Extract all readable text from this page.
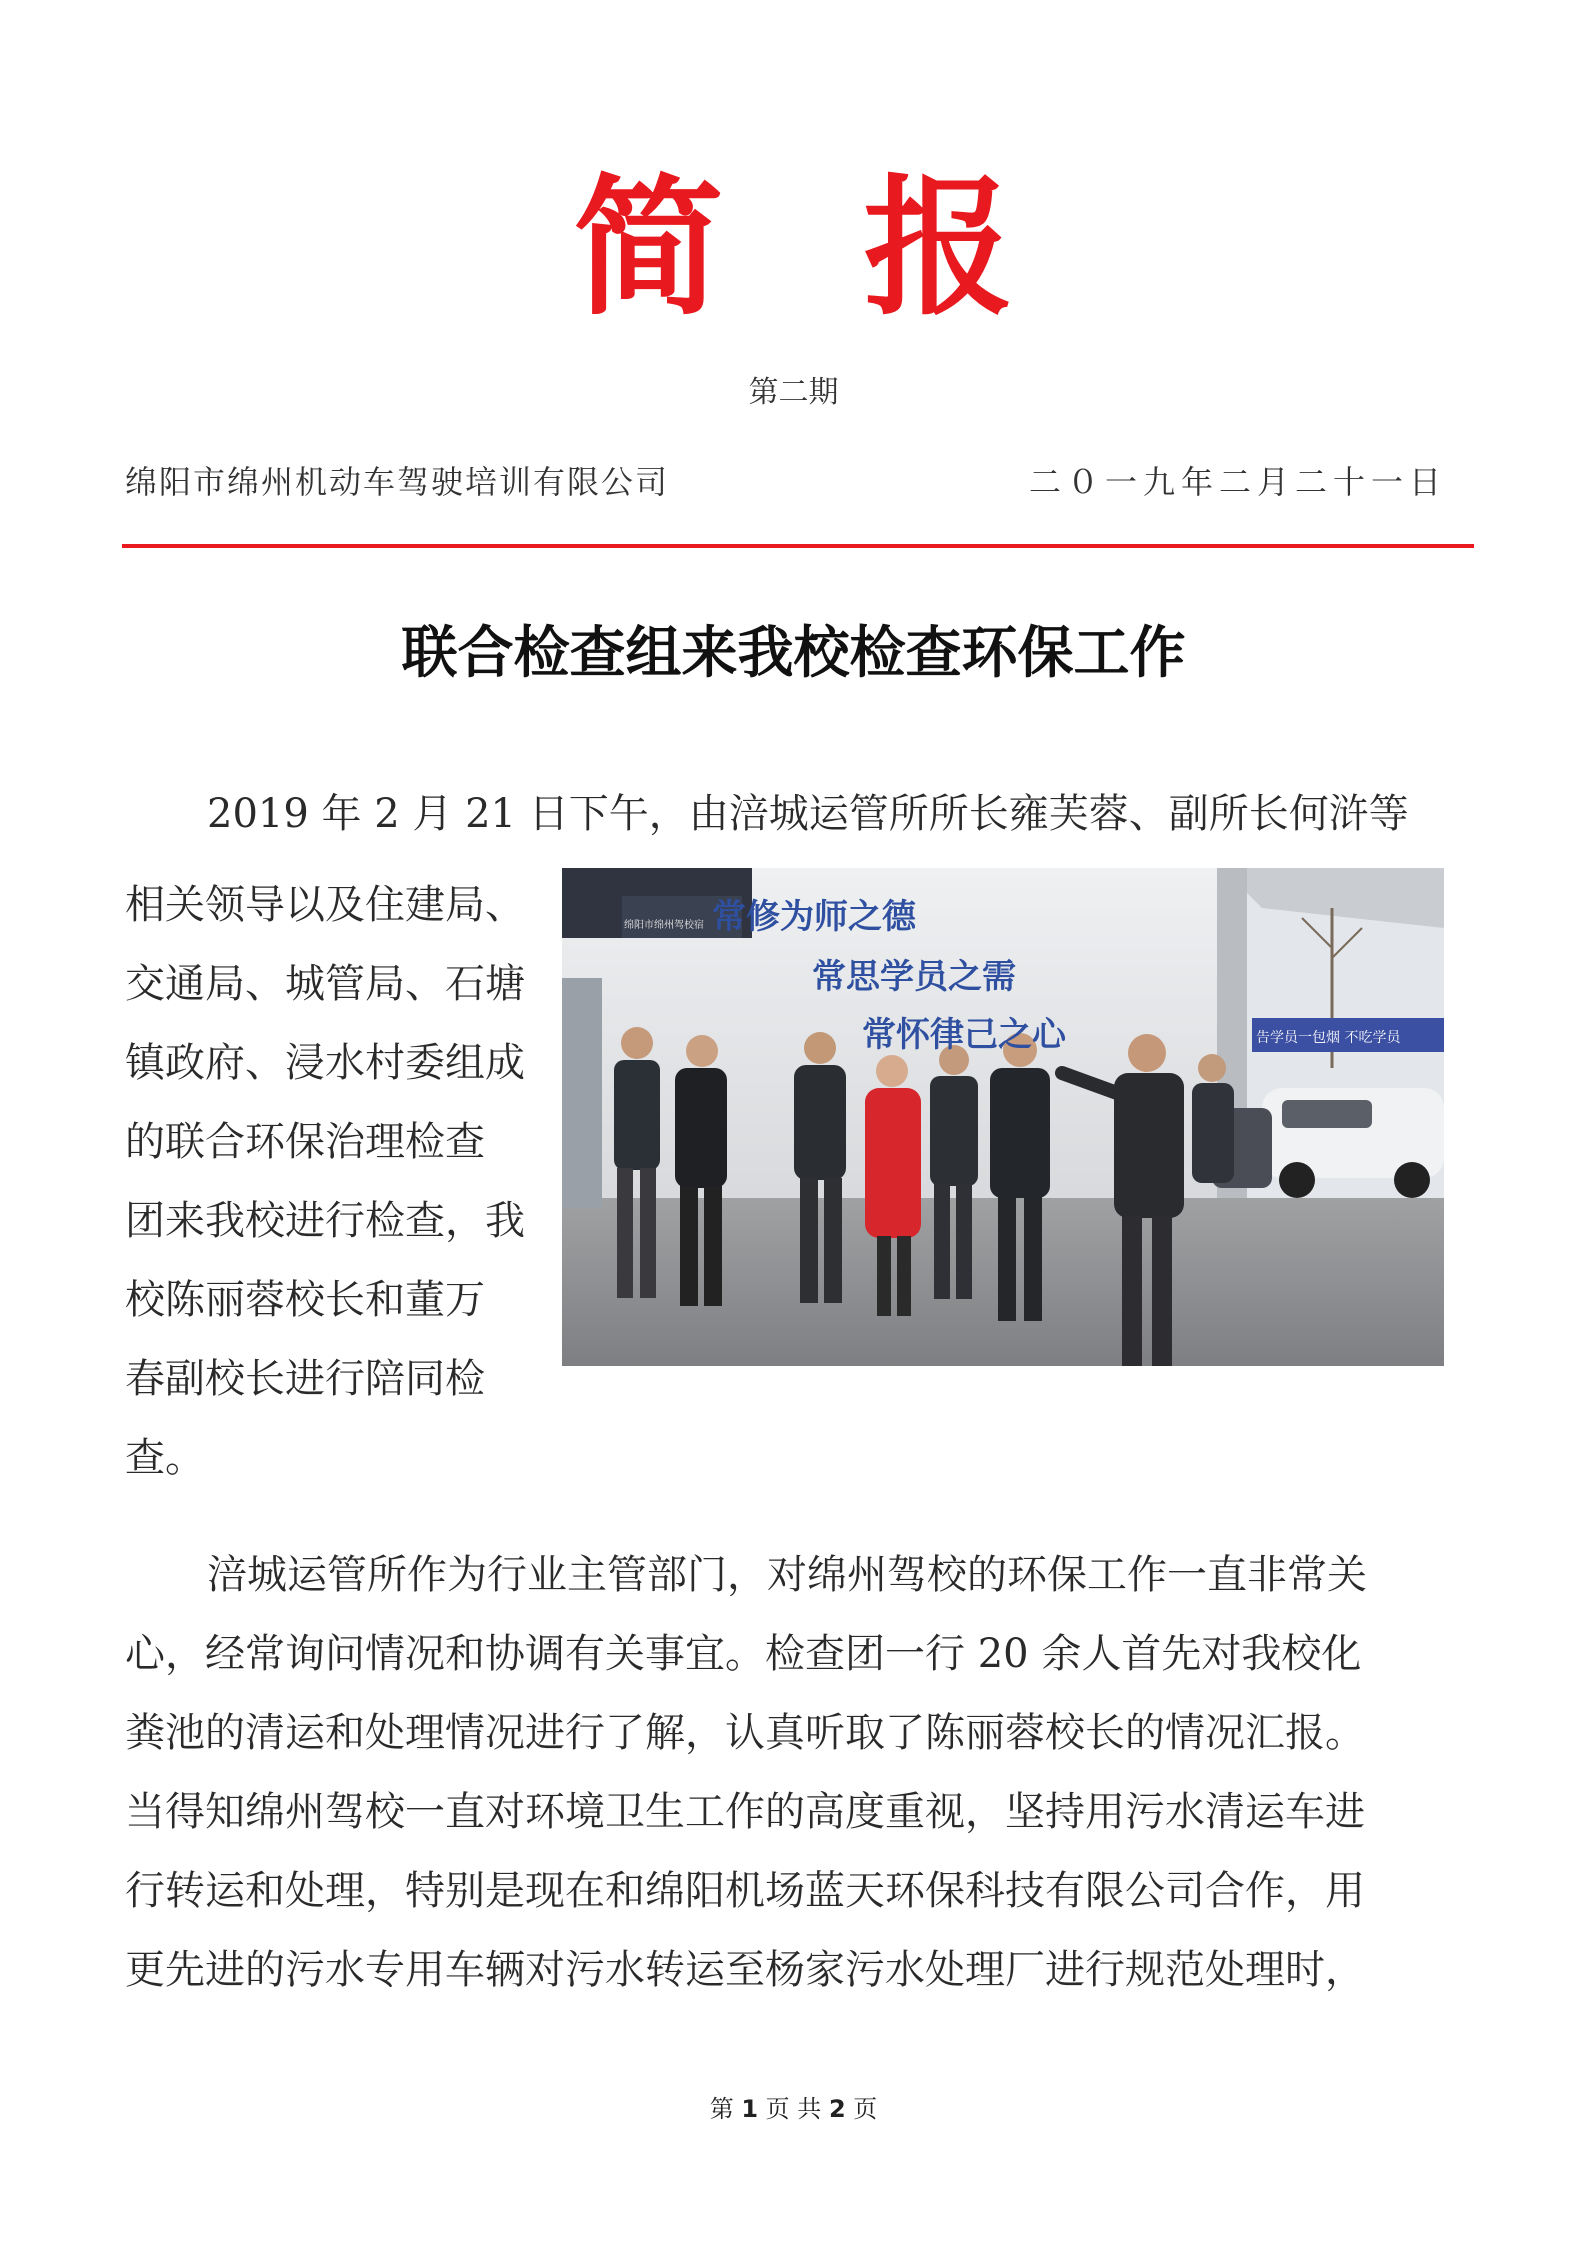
简报
第二期
绵阳市绵州机动车驾驶培训有限公司	二０一九年二月二十一日
联合检查组来我校检查环保工作
2019 年 2 月 21 日下午，由涪城运管所所长雍芙蓉、副所长何浒等
相关领导以及住建局、
交通局、城管局、石塘
镇政府、浸水村委组成
的联合环保治理检查
团来我校进行检查，我
校陈丽蓉校长和董万
春副校长进行陪同检
查。
常修为师之德
常思学员之需
常怀律己之心	告学员一包烟 不吃学员
绵阳市绵州驾校宿
涪城运管所作为行业主管部门，对绵州驾校的环保工作一直非常关
心，经常询问情况和协调有关事宜。检查团一行 20 余人首先对我校化
粪池的清运和处理情况进行了解，认真听取了陈丽蓉校长的情况汇报。
当得知绵州驾校一直对环境卫生工作的高度重视，坚持用污水清运车进
行转运和处理，特别是现在和绵阳机场蓝天环保科技有限公司合作，用
更先进的污水专用车辆对污水转运至杨家污水处理厂进行规范处理时，
第 1 页 共 2 页
